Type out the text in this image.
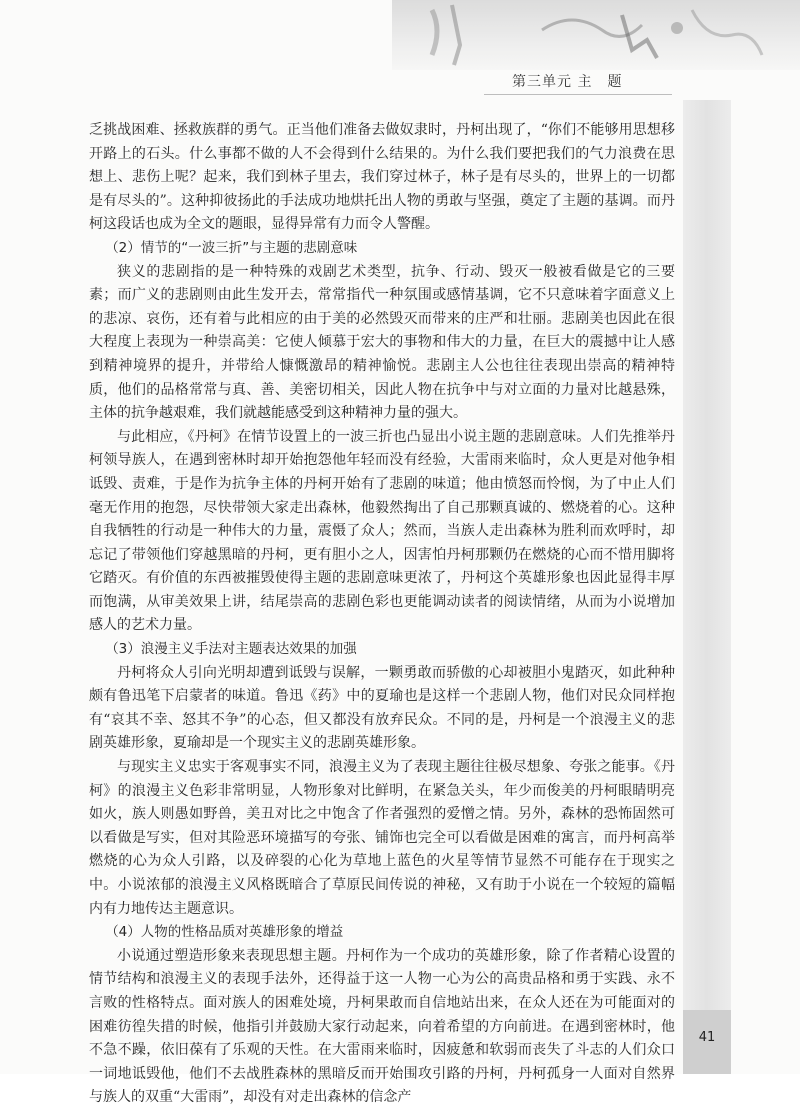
第三单元 主　题
41

乏挑战困难、拯救族群的勇气。正当他们准备去做奴隶时，丹柯出现了，“你们不能够用思想移开路上的石头。什么事都不做的人不会得到什么结果的。为什么我们要把我们的气力浪费在思想上、悲伤上呢？起来，我们到林子里去，我们穿过林子，林子是有尽头的，世界上的一切都是有尽头的”。这种抑彼扬此的手法成功地烘托出人物的勇敢与坚强，奠定了主题的基调。而丹柯这段话也成为全文的题眼，显得异常有力而令人警醒。

（2）情节的“一波三折”与主题的悲剧意味

狭义的悲剧指的是一种特殊的戏剧艺术类型，抗争、行动、毁灭一般被看做是它的三要素；而广义的悲剧则由此生发开去，常常指代一种氛围或感情基调，它不只意味着字面意义上的悲凉、哀伤，还有着与此相应的由于美的必然毁灭而带来的庄严和壮丽。悲剧美也因此在很大程度上表现为一种崇高美：它使人倾慕于宏大的事物和伟大的力量，在巨大的震撼中让人感到精神境界的提升，并带给人慷慨激昂的精神愉悦。悲剧主人公也往往表现出崇高的精神特质，他们的品格常常与真、善、美密切相关，因此人物在抗争中与对立面的力量对比越悬殊，主体的抗争越艰难，我们就越能感受到这种精神力量的强大。

与此相应，《丹柯》在情节设置上的一波三折也凸显出小说主题的悲剧意味。人们先推举丹柯领导族人，在遇到密林时却开始抱怨他年轻而没有经验，大雷雨来临时，众人更是对他争相诋毁、责难，于是作为抗争主体的丹柯开始有了悲剧的味道；他由愤怒而怜悯，为了中止人们毫无作用的抱怨，尽快带领大家走出森林，他毅然掏出了自己那颗真诚的、燃烧着的心。这种自我牺牲的行动是一种伟大的力量，震慑了众人；然而，当族人走出森林为胜利而欢呼时，却忘记了带领他们穿越黑暗的丹柯，更有胆小之人，因害怕丹柯那颗仍在燃烧的心而不惜用脚将它踏灭。有价值的东西被摧毁使得主题的悲剧意味更浓了，丹柯这个英雄形象也因此显得丰厚而饱满，从审美效果上讲，结尾崇高的悲剧色彩也更能调动读者的阅读情绪，从而为小说增加感人的艺术力量。

（3）浪漫主义手法对主题表达效果的加强

丹柯将众人引向光明却遭到诋毁与误解，一颗勇敢而骄傲的心却被胆小鬼踏灭，如此种种颇有鲁迅笔下启蒙者的味道。鲁迅《药》中的夏瑜也是这样一个悲剧人物，他们对民众同样抱有“哀其不幸、怒其不争”的心态，但又都没有放弃民众。不同的是，丹柯是一个浪漫主义的悲剧英雄形象，夏瑜却是一个现实主义的悲剧英雄形象。

与现实主义忠实于客观事实不同，浪漫主义为了表现主题往往极尽想象、夸张之能事。《丹柯》的浪漫主义色彩非常明显，人物形象对比鲜明，在紧急关头，年少而俊美的丹柯眼睛明亮如火，族人则愚如野兽，美丑对比之中饱含了作者强烈的爱憎之情。另外，森林的恐怖固然可以看做是写实，但对其险恶环境描写的夸张、铺饰也完全可以看做是困难的寓言，而丹柯高举燃烧的心为众人引路，以及碎裂的心化为草地上蓝色的火星等情节显然不可能存在于现实之中。小说浓郁的浪漫主义风格既暗合了草原民间传说的神秘，又有助于小说在一个较短的篇幅内有力地传达主题意识。

（4）人物的性格品质对英雄形象的增益

小说通过塑造形象来表现思想主题。丹柯作为一个成功的英雄形象，除了作者精心设置的情节结构和浪漫主义的表现手法外，还得益于这一人物一心为公的高贵品格和勇于实践、永不言败的性格特点。面对族人的困难处境，丹柯果敢而自信地站出来，在众人还在为可能面对的困难彷徨失措的时候，他指引并鼓励大家行动起来，向着希望的方向前进。在遇到密林时，他不急不躁，依旧葆有了乐观的天性。在大雷雨来临时，因疲惫和软弱而丧失了斗志的人们众口一词地诋毁他，他们不去战胜森林的黑暗反而开始围攻引路的丹柯，丹柯孤身一人面对自然界与族人的双重“大雷雨”，却没有对走出森林的信念产
